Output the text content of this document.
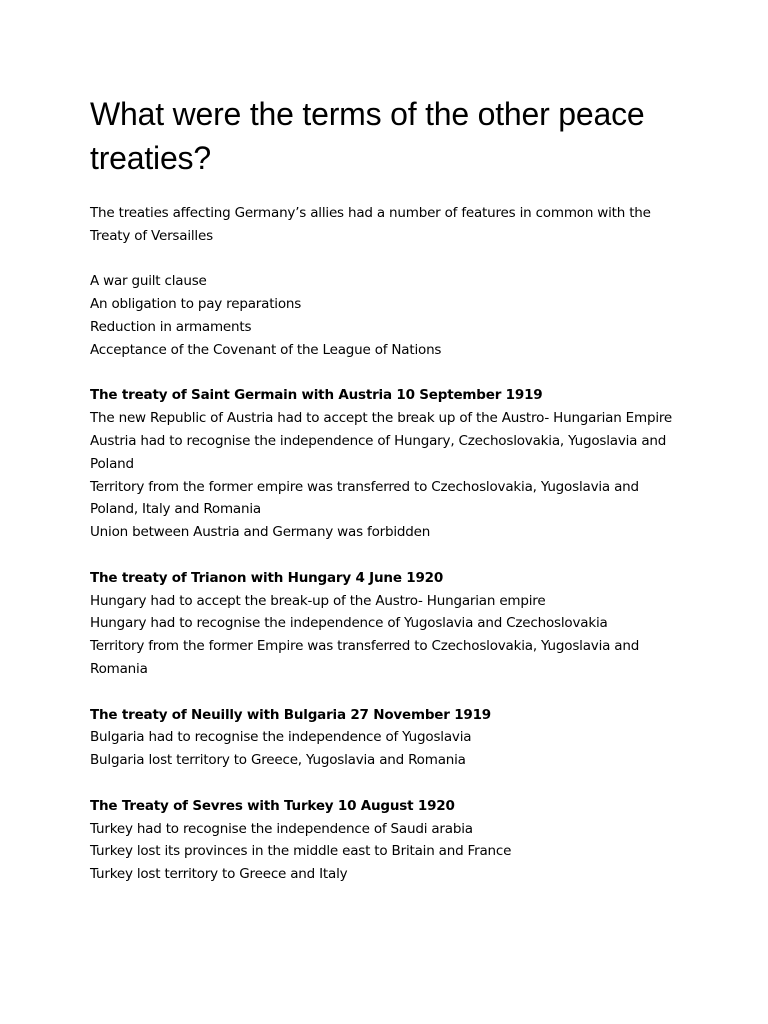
What were the terms of the other peace treaties?

The treaties affecting Germany’s allies had a number of features in common with the Treaty of Versailles

A war guilt clause
An obligation to pay reparations
Reduction in armaments
Acceptance of the Covenant of the League of Nations
The treaty of Saint Germain with Austria 10 September 1919
The new Republic of Austria had to accept the break up of the Austro- Hungarian Empire
Austria had to recognise the independence of Hungary, Czechoslovakia, Yugoslavia and Poland
Territory from the former empire was transferred to Czechoslovakia, Yugoslavia and Poland, Italy and Romania
Union between Austria and Germany was forbidden
The treaty of Trianon with Hungary 4 June 1920
Hungary had to accept the break-up of the Austro- Hungarian empire
Hungary had to recognise the independence of Yugoslavia and Czechoslovakia
Territory from the former Empire was transferred to Czechoslovakia, Yugoslavia and Romania
The treaty of Neuilly with Bulgaria 27 November 1919
Bulgaria had to recognise the independence of Yugoslavia
Bulgaria lost territory to Greece, Yugoslavia and Romania
The Treaty of Sevres with Turkey 10 August 1920
Turkey had to recognise the independence of Saudi arabia
Turkey lost its provinces in the middle east to Britain and France
Turkey lost territory to Greece and Italy
